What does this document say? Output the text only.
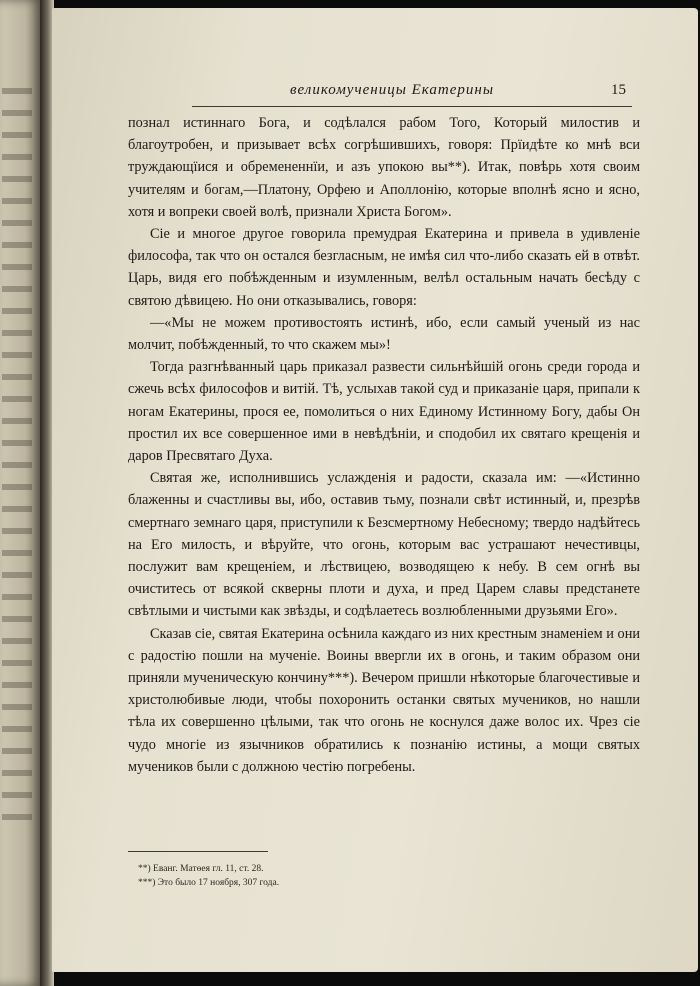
великомученицы Екатерины	15

познал истиннаго Бога, и содѣлался рабом Того, Который милостив и благоутробен, и призывает всѣх согрѣшившихъ, говоря: Прїидѣте ко мнѣ вси труждающїися и обремененнїи, и азъ упокою вы**). Итак, повѣрь хотя своим учителям и богам,—Платону, Орфею и Аполлонію, которые вполнѣ ясно и ясно, хотя и вопреки своей волѣ, признали Христа Богом».

Сіе и многое другое говорила премудрая Екатерина и привела в удивленіе философа, так что он остался безгласным, не имѣя сил что-либо сказать ей в отвѣт. Царь, видя его побѣжденным и изумленным, велѣл остальным начать бесѣду с святою дѣвицею. Но они отказывались, говоря:

—«Мы не можем противостоять истинѣ, ибо, если самый ученый из нас молчит, побѣжденный, то что скажем мы»!

Тогда разгнѣванный царь приказал развести сильнѣйшій огонь среди города и сжечь всѣх философов и витій. Тѣ, услыхав такой суд и приказаніе царя, припали к ногам Екатерины, прося ее, помолиться о них Единому Истинному Богу, дабы Он простил их все совершенное ими в невѣдѣніи, и сподобил их святаго крещенія и даров Пресвятаго Духа.

Святая же, исполнившись услажденія и радости, сказала им: —«Истинно блаженны и счастливы вы, ибо, оставив тьму, познали свѣт истинный, и, презрѣв смертнаго земнаго царя, приступили к Безсмертному Небесному; твердо надѣйтесь на Его милость, и вѣруйте, что огонь, которым вас устрашают нечестивцы, послужит вам крещеніем, и лѣствицею, возводящею к небу. В сем огнѣ вы очиститесь от всякой скверны плоти и духа, и пред Царем славы предстанете свѣтлыми и чистыми как звѣзды, и содѣлаетесь возлюбленными друзьями Его».

Сказав сіе, святая Екатерина осѣнила каждаго из них крестным знаменіем и они с радостію пошли на мученіе. Воины ввергли их в огонь, и таким образом они приняли мученическую кончину***). Вечером пришли нѣкоторые благочестивые и христолюбивые люди, чтобы похоронить останки святых мучеников, но нашли тѣла их совершенно цѣлыми, так что огонь не коснулся даже волос их. Чрез сіе чудо многіе из язычников обратились к познанію истины, а мощи святых мучеников были с должною честію погребены.

**) Еванг. Матѳея гл. 11, ст. 28.
***) Это было 17 ноября, 307 года.
